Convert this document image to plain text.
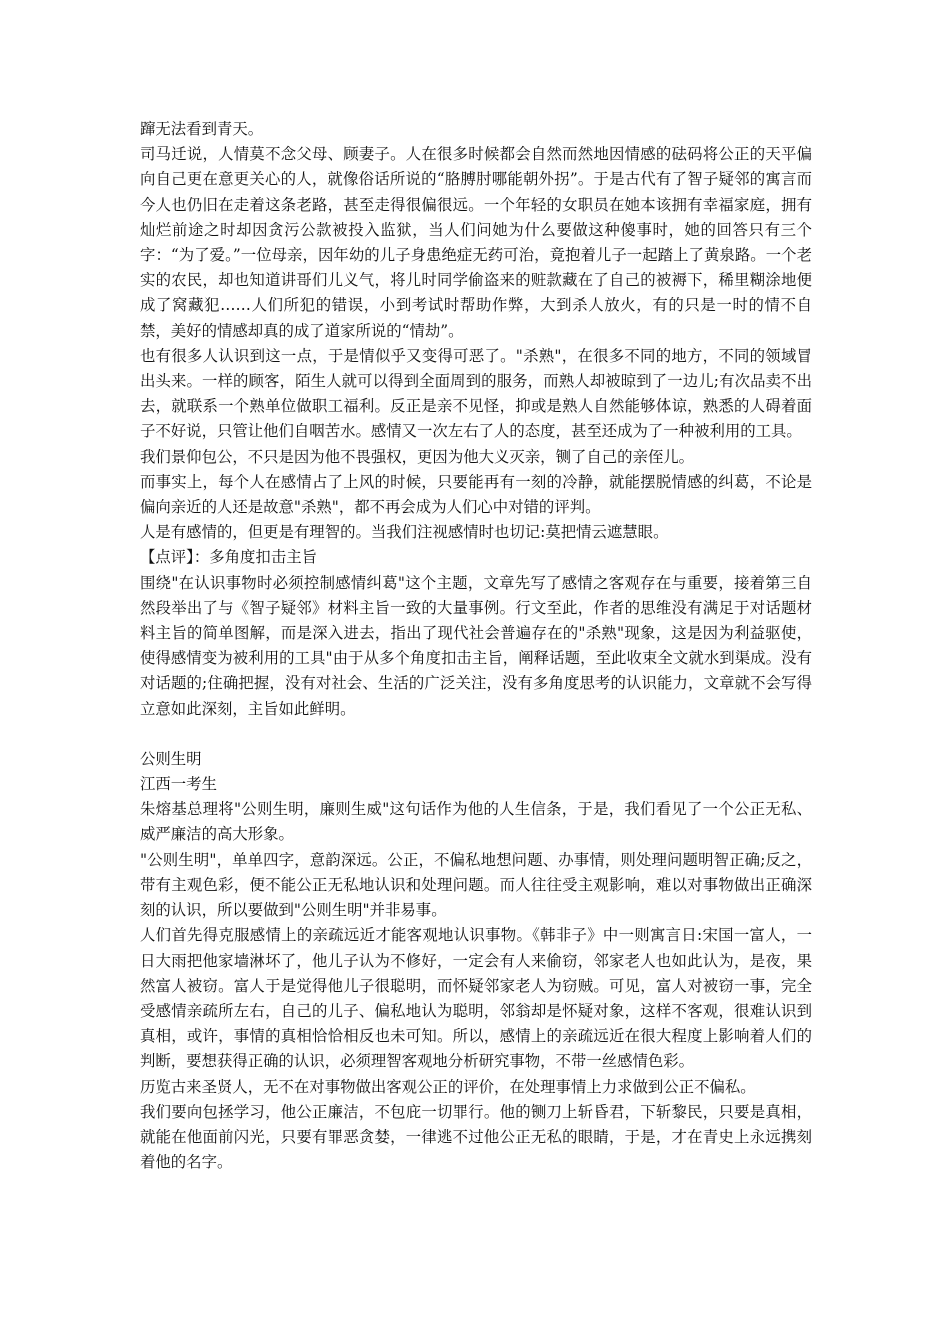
蹿无法看到青天。

司马迁说，人情莫不念父母、顾妻子。人在很多时候都会自然而然地因情感的砝码将公正的天平偏向自己更在意更关心的人，就像俗话所说的“胳膊肘哪能朝外拐”。于是古代有了智子疑邻的寓言而今人也仍旧在走着这条老路，甚至走得很偏很远。一个年轻的女职员在她本该拥有幸福家庭，拥有灿烂前途之时却因贪污公款被投入监狱，当人们问她为什么要做这种傻事时，她的回答只有三个字：“为了爱。”一位母亲，因年幼的儿子身患绝症无药可治，竟抱着儿子一起踏上了黄泉路。一个老实的农民，却也知道讲哥们儿义气，将儿时同学偷盗来的赃款藏在了自己的被褥下，稀里糊涂地便成了窝藏犯……人们所犯的错误，小到考试时帮助作弊，大到杀人放火，有的只是一时的情不自禁，美好的情感却真的成了道家所说的“情劫”。

也有很多人认识到这一点，于是情似乎又变得可恶了。"杀熟"，在很多不同的地方，不同的领域冒出头来。一样的顾客，陌生人就可以得到全面周到的服务，而熟人却被晾到了一边儿;有次品卖不出去，就联系一个熟单位做职工福利。反正是亲不见怪，抑或是熟人自然能够体谅，熟悉的人碍着面子不好说，只管让他们自咽苦水。感情又一次左右了人的态度，甚至还成为了一种被利用的工具。

我们景仰包公，不只是因为他不畏强权，更因为他大义灭亲，铡了自己的亲侄儿。

而事实上，每个人在感情占了上风的时候，只要能再有一刻的冷静，就能摆脱情感的纠葛，不论是偏向亲近的人还是故意"杀熟"，都不再会成为人们心中对错的评判。

人是有感情的，但更是有理智的。当我们注视感情时也切记:莫把情云遮慧眼。

【点评】：多角度扣击主旨

围绕"在认识事物时必须控制感情纠葛"这个主题，文章先写了感情之客观存在与重要，接着第三自然段举出了与《智子疑邻》材料主旨一致的大量事例。行文至此，作者的思维没有满足于对话题材料主旨的简单图解，而是深入进去，指出了现代社会普遍存在的"杀熟"现象，这是因为利益驱使，使得感情变为被利用的工具"由于从多个角度扣击主旨，阐释话题，至此收束全文就水到渠成。没有对话题的;住确把握，没有对社会、生活的广泛关注，没有多角度思考的认识能力，文章就不会写得立意如此深刻，主旨如此鲜明。

公则生明

江西一考生

朱熔基总理将"公则生明，廉则生威"这句话作为他的人生信条，于是，我们看见了一个公正无私、威严廉洁的高大形象。

"公则生明"，单单四字，意韵深远。公正，不偏私地想问题、办事情，则处理问题明智正确;反之，带有主观色彩，便不能公正无私地认识和处理问题。而人往往受主观影响，难以对事物做出正确深刻的认识，所以要做到"公则生明"并非易事。

人们首先得克服感情上的亲疏远近才能客观地认识事物。《韩非子》中一则寓言日:宋国一富人，一日大雨把他家墙淋坏了，他儿子认为不修好，一定会有人来偷窃，邻家老人也如此认为，是夜，果然富人被窃。富人于是觉得他儿子很聪明，而怀疑邻家老人为窃贼。可见，富人对被窃一事，完全受感情亲疏所左右，自己的儿子、偏私地认为聪明，邻翁却是怀疑对象，这样不客观，很难认识到真相，或许，事情的真相恰恰相反也未可知。所以，感情上的亲疏远近在很大程度上影响着人们的判断，要想获得正确的认识，必须理智客观地分析研究事物，不带一丝感情色彩。

历览古来圣贤人，无不在对事物做出客观公正的评价，在处理事情上力求做到公正不偏私。

我们要向包拯学习，他公正廉洁，不包庇一切罪行。他的铡刀上斩昏君，下斩黎民，只要是真相，就能在他面前闪光，只要有罪恶贪婪，一律逃不过他公正无私的眼睛，于是，才在青史上永远携刻着他的名字。
